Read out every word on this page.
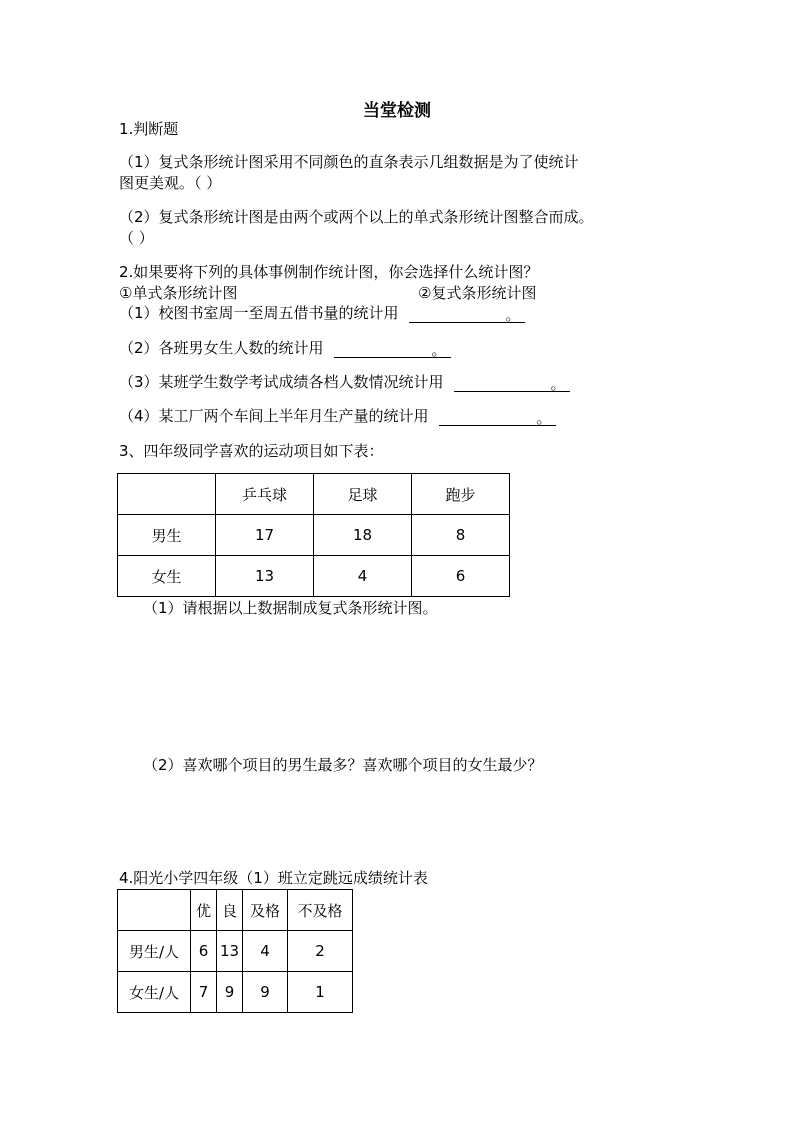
当堂检测
1.判断题
（1）复式条形统计图采用不同颜色的直条表示几组数据是为了使统计
图更美观。（ ）
（2）复式条形统计图是由两个或两个以上的单式条形统计图整合而成。
（ ）
2.如果要将下列的具体事例制作统计图，你会选择什么统计图？
①单式条形统计图	②复式条形统计图
（1）校图书室周一至周五借书量的统计用	。
（2）各班男女生人数的统计用	。
（3）某班学生数学考试成绩各档人数情况统计用	。
（4）某工厂两个车间上半年月生产量的统计用	。
3、四年级同学喜欢的运动项目如下表：
	乒乓球	足球	跑步
男生	17	18	8
女生	13	4	6
（1）请根据以上数据制成复式条形统计图。
（2）喜欢哪个项目的男生最多？喜欢哪个项目的女生最少？
4.阳光小学四年级（1）班立定跳远成绩统计表
	优	良	及格	不及格
男生/人	6	13	4	2
女生/人	7	9	9	1
